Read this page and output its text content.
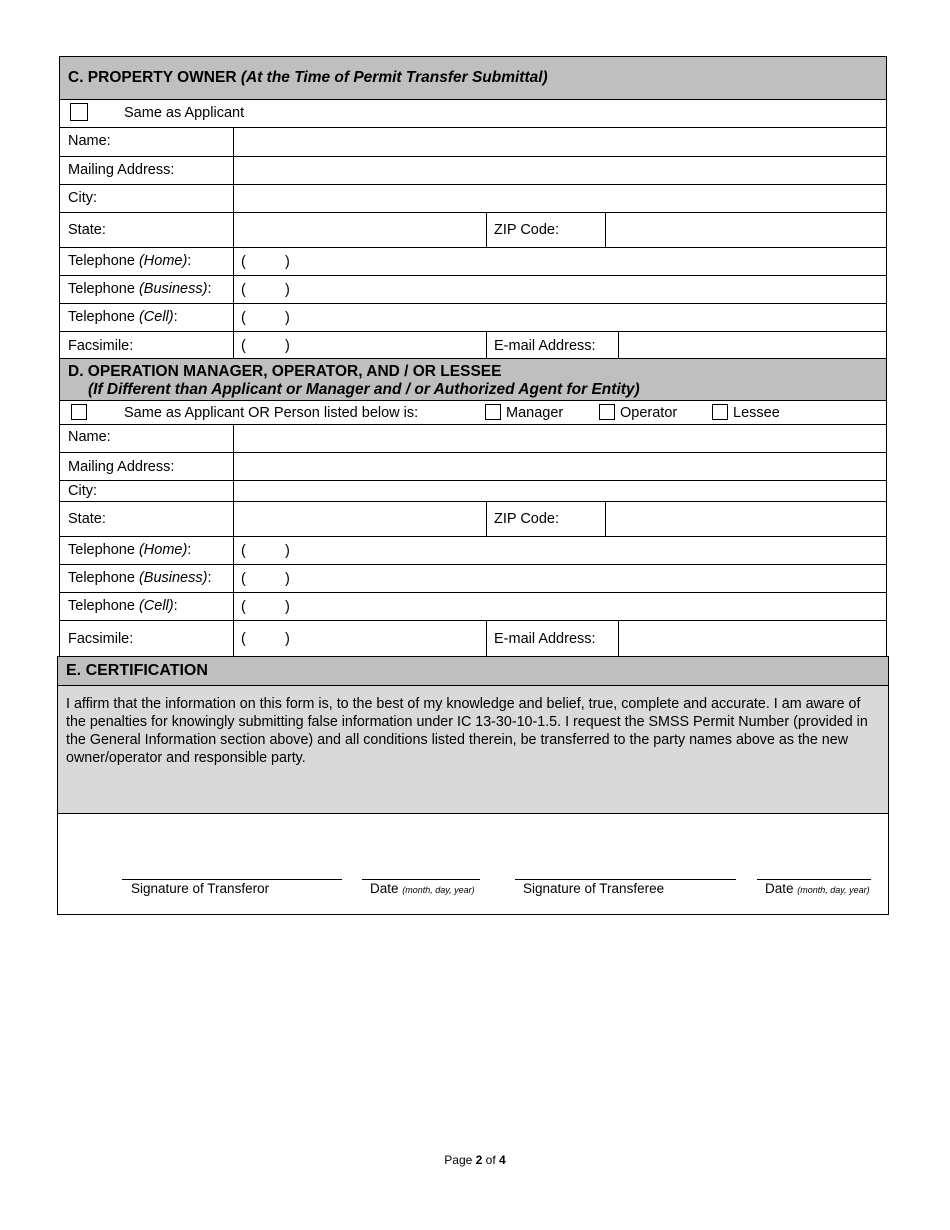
C. PROPERTY OWNER (At the Time of Permit Transfer Submittal)
Same as Applicant
Name:
Mailing Address:
City:
State:	ZIP Code:
Telephone (Home):	(	)
Telephone (Business): (	)
Telephone (Cell):	(	)
Facsimile:	(	)	E-mail Address:
D. OPERATION MANAGER, OPERATOR, AND / OR LESSEE
(If Different than Applicant or Manager and / or Authorized Agent for Entity)
Same as Applicant OR Person listed below is:	Manager	Operator	Lessee
Name:
Mailing Address:
City:
State:	ZIP Code:
Telephone (Home):	(	)
Telephone (Business): (	)
Telephone (Cell):	(	)
Facsimile:	(	)	E-mail Address:
E. CERTIFICATION
I affirm that the information on this form is, to the best of my knowledge and belief, true, complete and accurate. I am aware of the penalties for knowingly submitting false information under IC 13-30-10-1.5. I request the SMSS Permit Number (provided in the General Information section above) and all conditions listed therein, be transferred to the party names above as the new owner/operator and responsible party.
Signature of Transferor	Date (month, day, year)	Signature of Transferee	Date (month, day, year)
Page 2 of 4
